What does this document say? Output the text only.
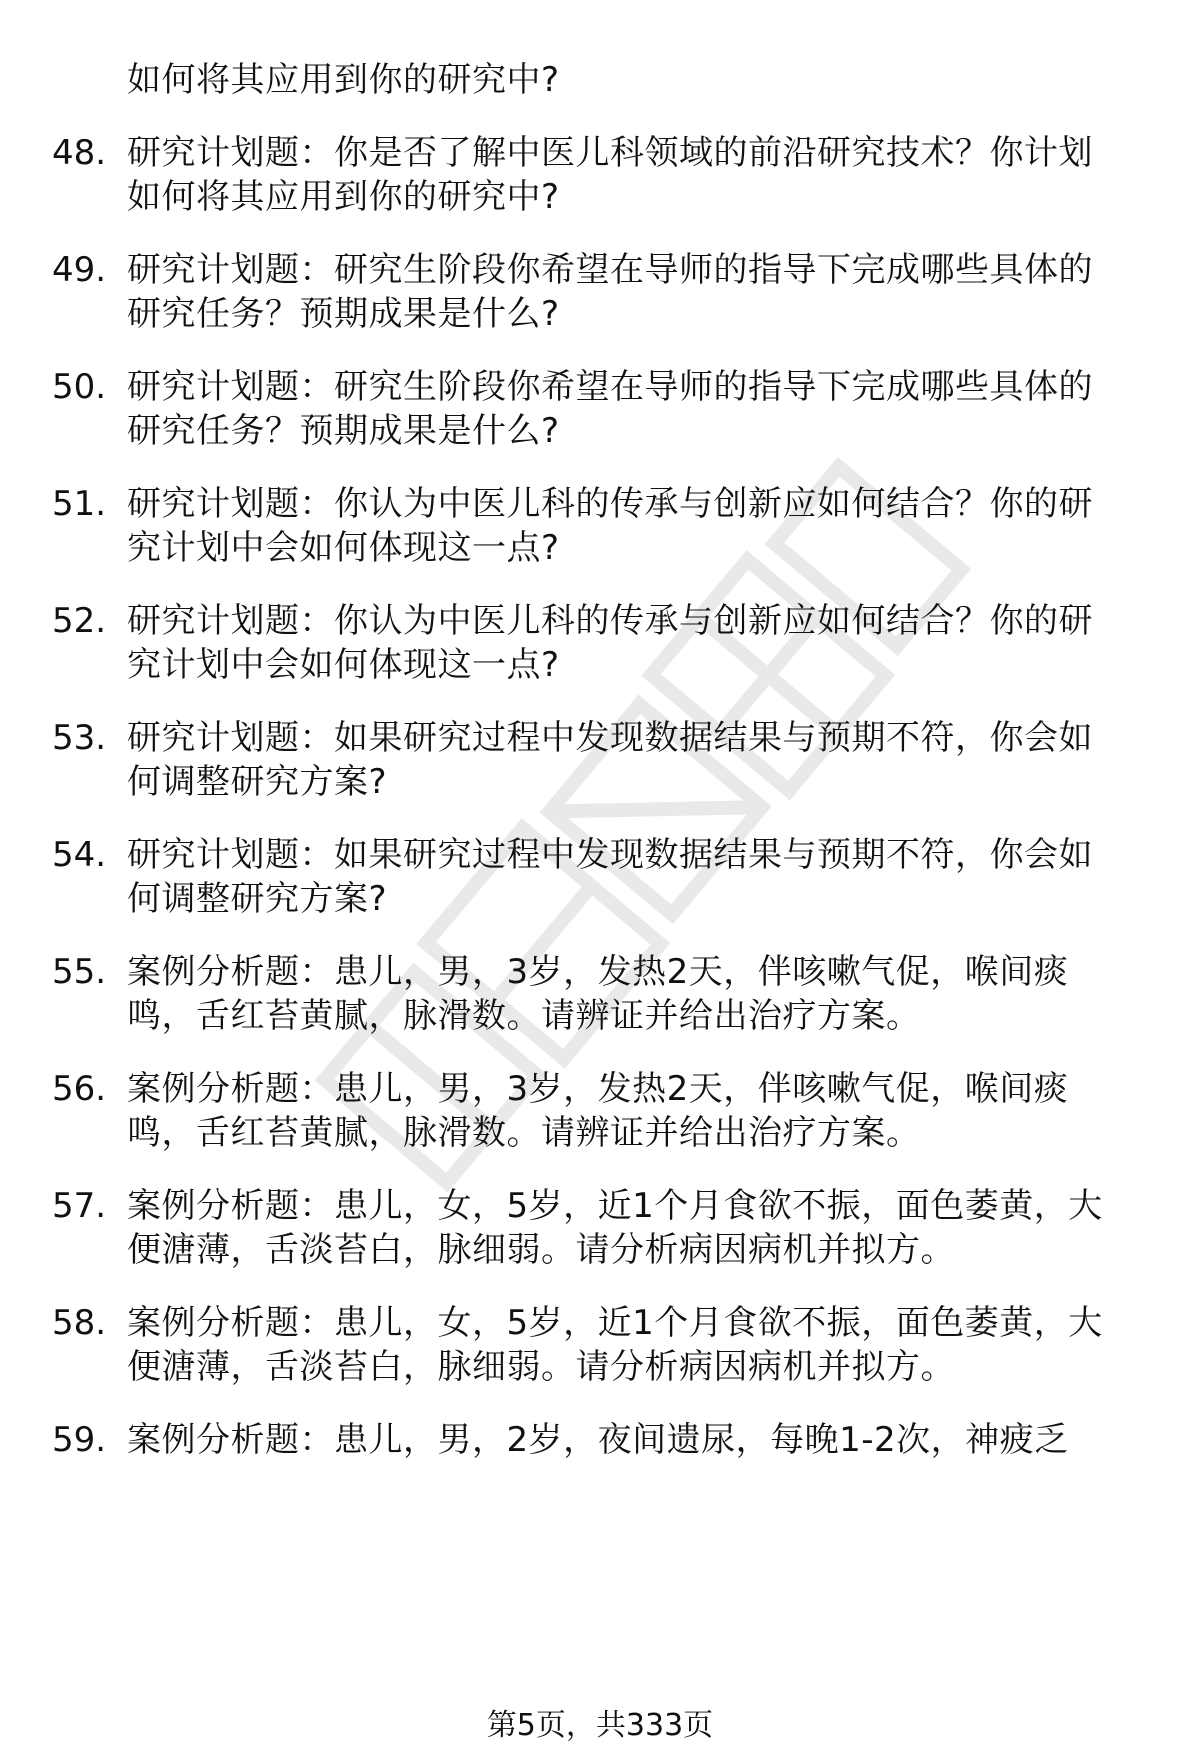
如何将其应用到你的研究中?
48. 研究计划题：你是否了解中医儿科领域的前沿研究技术？你计划
如何将其应用到你的研究中?
49. 研究计划题：研究生阶段你希望在导师的指导下完成哪些具体的
研究任务？预期成果是什么?
50. 研究计划题：研究生阶段你希望在导师的指导下完成哪些具体的
研究任务？预期成果是什么?
51. 研究计划题：你认为中医儿科的传承与创新应如何结合？你的研
究计划中会如何体现这一点?
52. 研究计划题：你认为中医儿科的传承与创新应如何结合？你的研
究计划中会如何体现这一点?
53. 研究计划题：如果研究过程中发现数据结果与预期不符，你会如
何调整研究方案?
54. 研究计划题：如果研究过程中发现数据结果与预期不符，你会如
何调整研究方案?
55. 案例分析题：患儿，男，3岁，发热2天，伴咳嗽气促，喉间痰
鸣，舌红苔黄腻，脉滑数。请辨证并给出治疗方案。
56. 案例分析题：患儿，男，3岁，发热2天，伴咳嗽气促，喉间痰
鸣，舌红苔黄腻，脉滑数。请辨证并给出治疗方案。
57. 案例分析题：患儿，女，5岁，近1个月食欲不振，面色萎黄，大
便溏薄，舌淡苔白，脉细弱。请分析病因病机并拟方。
58. 案例分析题：患儿，女，5岁，近1个月食欲不振，面色萎黄，大
便溏薄，舌淡苔白，脉细弱。请分析病因病机并拟方。
59. 案例分析题：患儿，男，2岁，夜间遗尿，每晚1-2次，神疲乏
第5页，共333页
